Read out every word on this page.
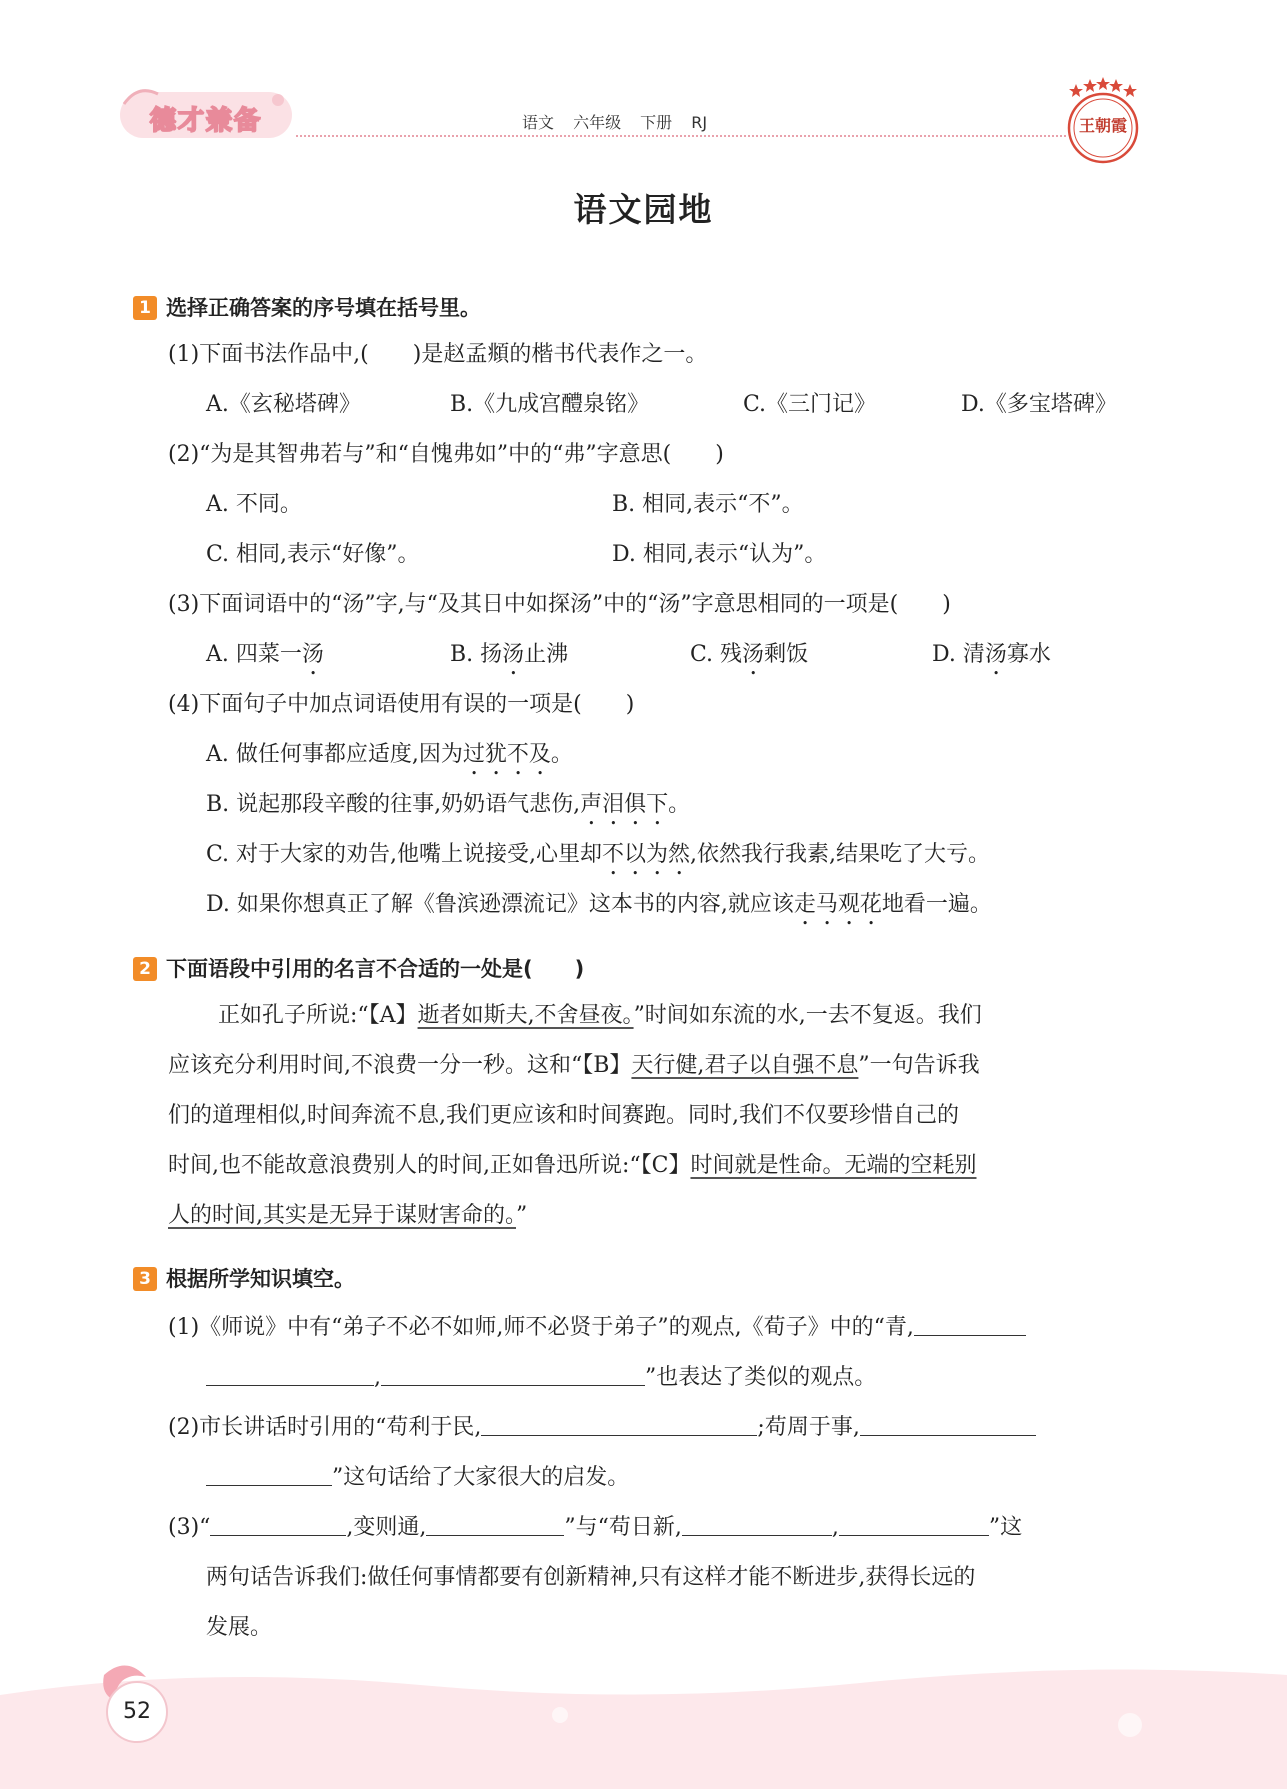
德才兼备	语文 六年级 下册 RJ	王朝霞
语文园地
1 选择正确答案的序号填在括号里。
(1)下面书法作品中,(　　)是赵孟頫的楷书代表作之一。
A.《玄秘塔碑》	B.《九成宫醴泉铭》	C.《三门记》	D.《多宝塔碑》
(2)“为是其智弗若与”和“自愧弗如”中的“弗”字意思(　　)
A. 不同。	B. 相同,表示“不”。
C. 相同,表示“好像”。	D. 相同,表示“认为”。
(3)下面词语中的“汤”字,与“及其日中如探汤”中的“汤”字意思相同的一项是(　　)
A. 四菜一汤	B. 扬汤止沸	C. 残汤剩饭	D. 清汤寡水
(4)下面句子中加点词语使用有误的一项是(　　)
A. 做任何事都应适度,因为过犹不及。
B. 说起那段辛酸的往事,奶奶语气悲伤,声泪俱下。
C. 对于大家的劝告,他嘴上说接受,心里却不以为然,依然我行我素,结果吃了大亏。
D. 如果你想真正了解《鲁滨逊漂流记》这本书的内容,就应该走马观花地看一遍。
2 下面语段中引用的名言不合适的一处是(　　)
正如孔子所说:“【A】逝者如斯夫,不舍昼夜。”时间如东流的水,一去不复返。我们
应该充分利用时间,不浪费一分一秒。这和“【B】天行健,君子以自强不息”一句告诉我
们的道理相似,时间奔流不息,我们更应该和时间赛跑。同时,我们不仅要珍惜自己的
时间,也不能故意浪费别人的时间,正如鲁迅所说:“【C】时间就是性命。无端的空耗别
人的时间,其实是无异于谋财害命的。”
3 根据所学知识填空。
(1)《师说》中有“弟子不必不如师,师不必贤于弟子”的观点,《荀子》中的“青,
,	”也表达了类似的观点。
(2)市长讲话时引用的“苟利于民,	;苟周于事,
”这句话给了大家很大的启发。
(3)“	,变则通,	”与“苟日新,	,	”这
两句话告诉我们:做任何事情都要有创新精神,只有这样才能不断进步,获得长远的
发展。
52
